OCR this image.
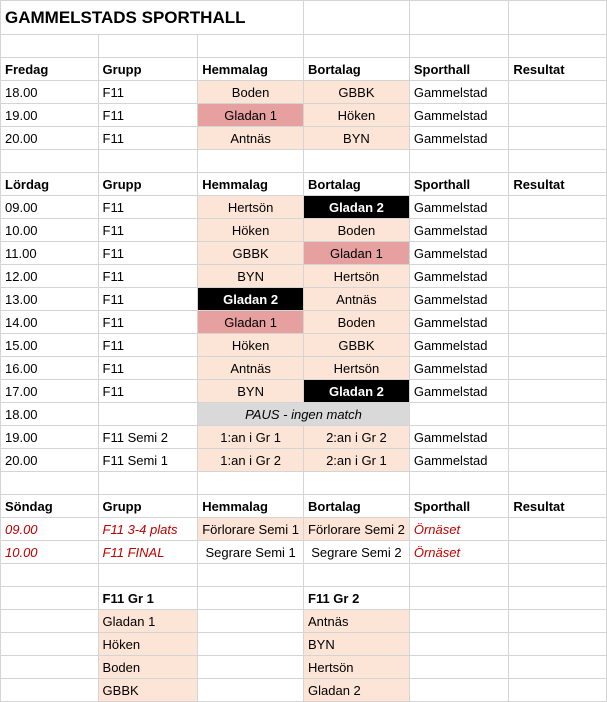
GAMMELSTADS SPORTHALL					

Fredag	Grupp	Hemmalag	Bortalag	Sporthall	Resultat
18.00	F11	Boden	GBBK	Gammelstad	
19.00	F11	Gladan 1	Höken	Gammelstad	
20.00	F11	Antnäs	BYN	Gammelstad	

Lördag	Grupp	Hemmalag	Bortalag	Sporthall	Resultat
09.00	F11	Hertsön	Gladan 2	Gammelstad	
10.00	F11	Höken	Boden	Gammelstad	
11.00	F11	GBBK	Gladan 1	Gammelstad	
12.00	F11	BYN	Hertsön	Gammelstad	
13.00	F11	Gladan 2	Antnäs	Gammelstad	
14.00	F11	Gladan 1	Boden	Gammelstad	
15.00	F11	Höken	GBBK	Gammelstad	
16.00	F11	Antnäs	Hertsön	Gammelstad	
17.00	F11	BYN	Gladan 2	Gammelstad	
18.00		PAUS - ingen match			
19.00	F11 Semi 2	1:an i Gr 1	2:an i Gr 2	Gammelstad	
20.00	F11 Semi 1	1:an i Gr 2	2:an i Gr 1	Gammelstad	

Söndag	Grupp	Hemmalag	Bortalag	Sporthall	Resultat
09.00	F11 3-4 plats	Förlorare Semi 1	Förlorare Semi 2	Örnäset	
10.00	F11 FINAL	Segrare Semi 1	Segrare Semi 2	Örnäset	

	F11 Gr 1		F11 Gr 2		
	Gladan 1		Antnäs		
	Höken		BYN		
	Boden		Hertsön		
	GBBK		Gladan 2		
